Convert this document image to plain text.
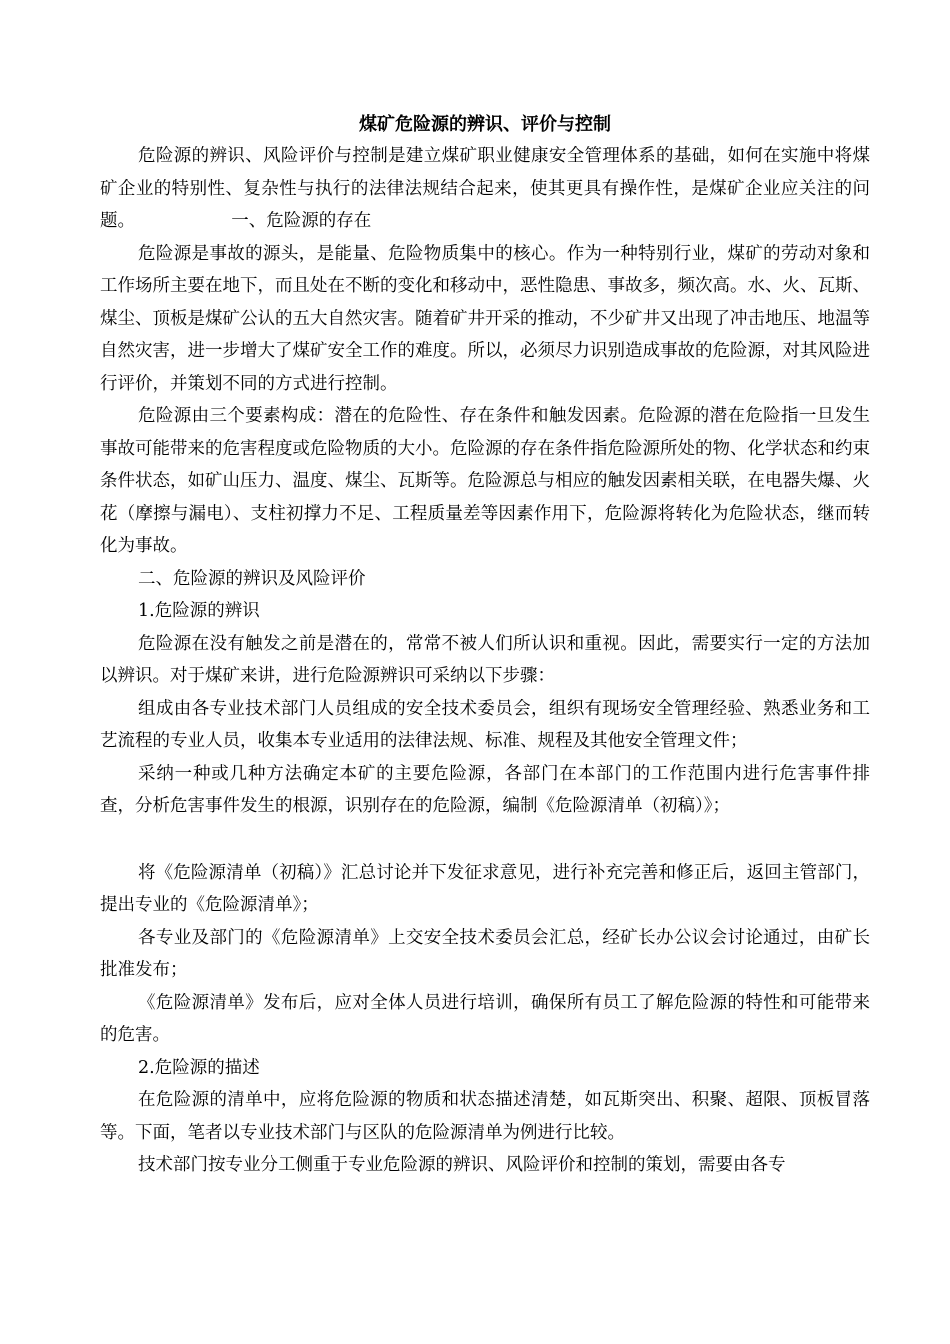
煤矿危险源的辨识、评价与控制

危险源的辨识、风险评价与控制是建立煤矿职业健康安全管理体系的基础，如何在实施中将煤矿企业的特别性、复杂性与执行的法律法规结合起来，使其更具有操作性，是煤矿企业应关注的问题。　　　　　　一、危险源的存在

危险源是事故的源头，是能量、危险物质集中的核心。作为一种特别行业，煤矿的劳动对象和工作场所主要在地下，而且处在不断的变化和移动中，恶性隐患、事故多，频次高。水、火、瓦斯、煤尘、顶板是煤矿公认的五大自然灾害。随着矿井开采的推动，不少矿井又出现了冲击地压、地温等自然灾害，进一步增大了煤矿安全工作的难度。所以，必须尽力识别造成事故的危险源，对其风险进行评价，并策划不同的方式进行控制。

危险源由三个要素构成：潜在的危险性、存在条件和触发因素。危险源的潜在危险指一旦发生事故可能带来的危害程度或危险物质的大小。危险源的存在条件指危险源所处的物、化学状态和约束条件状态，如矿山压力、温度、煤尘、瓦斯等。危险源总与相应的触发因素相关联，在电器失爆、火花（摩擦与漏电）、支柱初撑力不足、工程质量差等因素作用下，危险源将转化为危险状态，继而转化为事故。

二、危险源的辨识及风险评价

1.危险源的辨识

危险源在没有触发之前是潜在的，常常不被人们所认识和重视。因此，需要实行一定的方法加以辨识。对于煤矿来讲，进行危险源辨识可采纳以下步骤：

组成由各专业技术部门人员组成的安全技术委员会，组织有现场安全管理经验、熟悉业务和工艺流程的专业人员，收集本专业适用的法律法规、标准、规程及其他安全管理文件；

采纳一种或几种方法确定本矿的主要危险源，各部门在本部门的工作范围内进行危害事件排查，分析危害事件发生的根源，识别存在的危险源，编制《危险源清单（初稿）》；

将《危险源清单（初稿）》汇总讨论并下发征求意见，进行补充完善和修正后，返回主管部门，提出专业的《危险源清单》；

各专业及部门的《危险源清单》上交安全技术委员会汇总，经矿长办公议会讨论通过，由矿长批准发布；

《危险源清单》发布后，应对全体人员进行培训，确保所有员工了解危险源的特性和可能带来的危害。

2.危险源的描述

在危险源的清单中，应将危险源的物质和状态描述清楚，如瓦斯突出、积聚、超限、顶板冒落等。下面，笔者以专业技术部门与区队的危险源清单为例进行比较。

技术部门按专业分工侧重于专业危险源的辨识、风险评价和控制的策划，需要由各专
